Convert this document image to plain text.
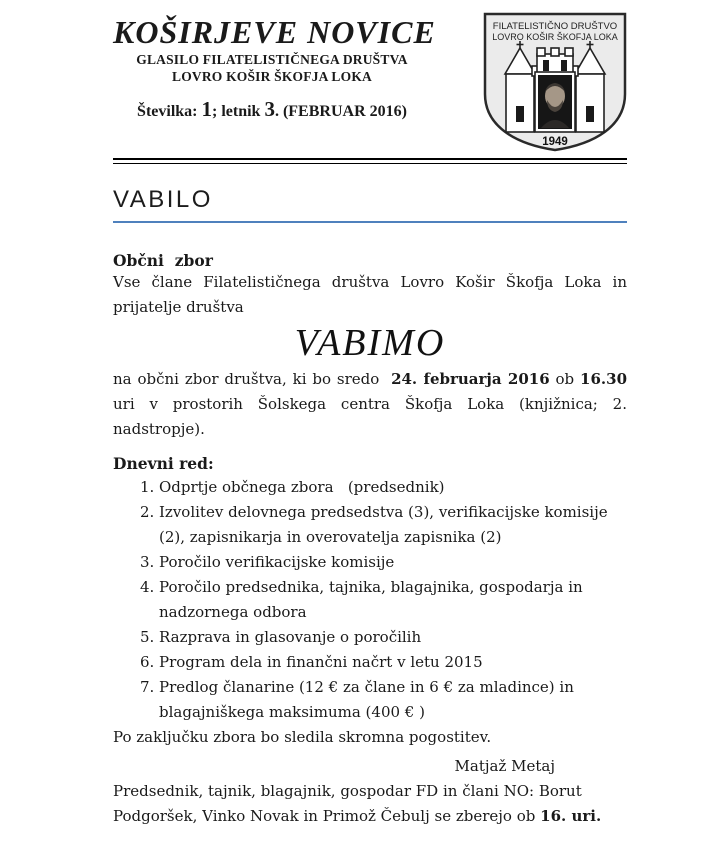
KOŠIRJEVE NOVICE
GLASILO FILATELISTIČNEGA DRUŠTVA
LOVRO KOŠIR ŠKOFJA LOKA
Številka: 1; letnik 3. (FEBRUAR 2016)
FILATELISTIČNO DRUŠTVO
LOVRO KOŠIR ŠKOFJA LOKA
1949
VABILO
Občni  zbor

Vse člane Filatelističnega društva Lovro Košir Škofja Loka in prijatelje društva

VABIMO

na občni zbor društva, ki bo sredo  24. februarja 2016 ob 16.30 uri v prostorih Šolskega centra Škofja Loka (knjižnica; 2. nadstropje).

Dnevni red:
1. Odprtje občnega zbora   (predsednik)
2. Izvolitev delovnega predsedstva (3), verifikacijske komisije (2), zapisnikarja in overovatelja zapisnika (2)
3. Poročilo verifikacijske komisije
4. Poročilo predsednika, tajnika, blagajnika, gospodarja in nadzornega odbora
5. Razprava in glasovanje o poročilih
6. Program dela in finančni načrt v letu 2015
7. Predlog članarine (12 € za člane in 6 € za mladince) in blagajniškega maksimuma (400 € )

Po zaključku zbora bo sledila skromna pogostitev.

Matjaž Metaj

Predsednik, tajnik, blagajnik, gospodar FD in člani NO: Borut Podgoršek, Vinko Novak in Primož Čebulj se zberejo ob 16. uri.
